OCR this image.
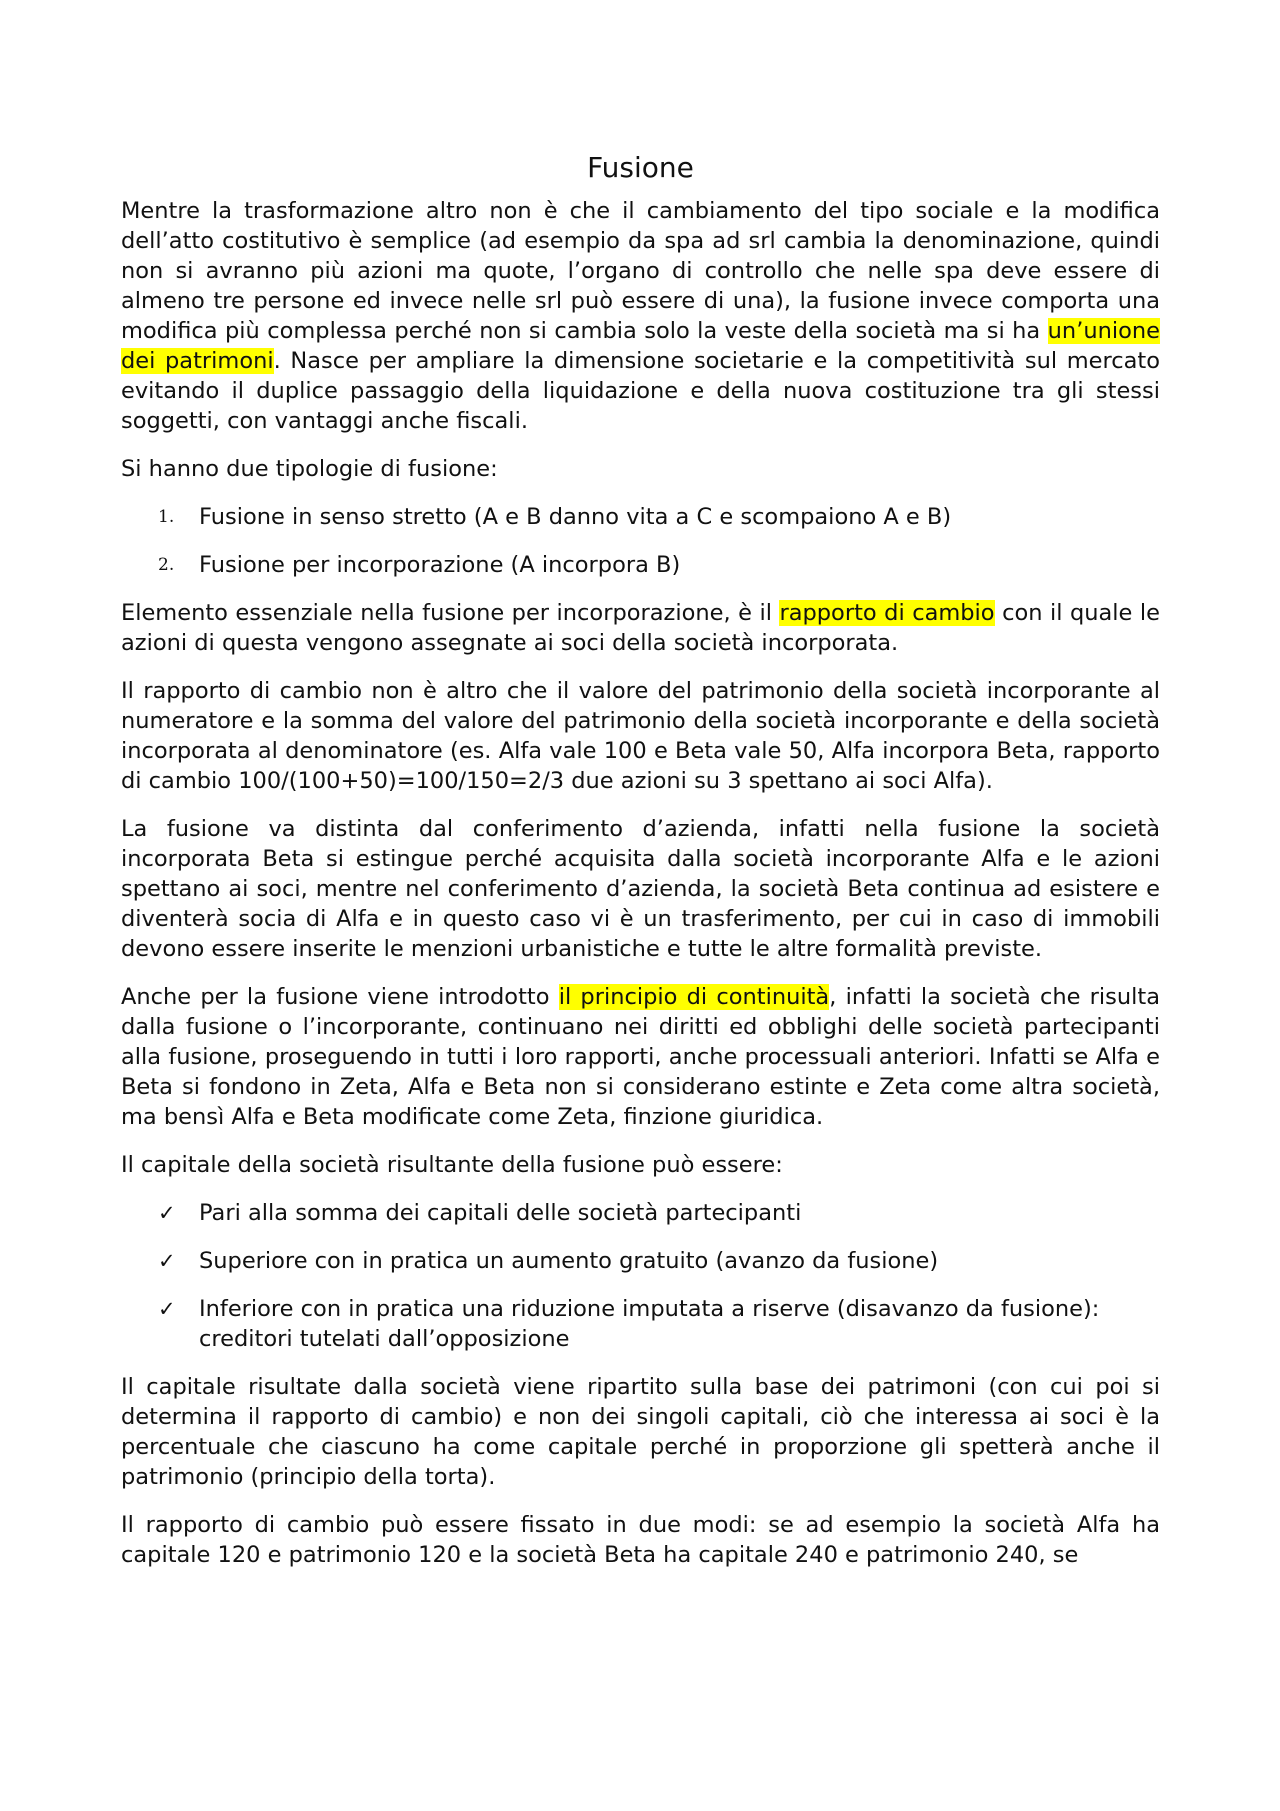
Fusione

Mentre la trasformazione altro non è che il cambiamento del tipo sociale e la modifica dell’atto costitutivo è semplice (ad esempio da spa ad srl cambia la denominazione, quindi non si avranno più azioni ma quote, l’organo di controllo che nelle spa deve essere di almeno tre persone ed invece nelle srl può essere di una), la fusione invece comporta una modifica più complessa perché non si cambia solo la veste della società ma si ha un’unione dei patrimoni. Nasce per ampliare la dimensione societarie e la competitività sul mercato evitando il duplice passaggio della liquidazione e della nuova costituzione tra gli stessi soggetti, con vantaggi anche fiscali.

Si hanno due tipologie di fusione:

1.	Fusione in senso stretto (A e B danno vita a C e scompaiono A e B)
2.	Fusione per incorporazione (A incorpora B)

Elemento essenziale nella fusione per incorporazione, è il rapporto di cambio con il quale le azioni di questa vengono assegnate ai soci della società incorporata.

Il rapporto di cambio non è altro che il valore del patrimonio della società incorporante al numeratore e la somma del valore del patrimonio della società incorporante e della società incorporata al denominatore (es. Alfa vale 100 e Beta vale 50, Alfa incorpora Beta, rapporto di cambio 100/(100+50)=100/150=2/3 due azioni su 3 spettano ai soci Alfa).

La fusione va distinta dal conferimento d’azienda, infatti nella fusione la società incorporata Beta si estingue perché acquisita dalla società incorporante Alfa e le azioni spettano ai soci, mentre nel conferimento d’azienda, la società Beta continua ad esistere e diventerà socia di Alfa e in questo caso vi è un trasferimento, per cui in caso di immobili devono essere inserite le menzioni urbanistiche e tutte le altre formalità previste.

Anche per la fusione viene introdotto il principio di continuità, infatti la società che risulta dalla fusione o l’incorporante, continuano nei diritti ed obblighi delle società partecipanti alla fusione, proseguendo in tutti i loro rapporti, anche processuali anteriori. Infatti se Alfa e Beta si fondono in Zeta, Alfa e Beta non si considerano estinte e Zeta come altra società, ma bensì Alfa e Beta modificate come Zeta, finzione giuridica.

Il capitale della società risultante della fusione può essere:

✓	Pari alla somma dei capitali delle società partecipanti
✓	Superiore con in pratica un aumento gratuito (avanzo da fusione)
✓	Inferiore con in pratica una riduzione imputata a riserve (disavanzo da fusione): creditori tutelati dall’opposizione

Il capitale risultate dalla società viene ripartito sulla base dei patrimoni (con cui poi si determina il rapporto di cambio) e non dei singoli capitali, ciò che interessa ai soci è la percentuale che ciascuno ha come capitale perché in proporzione gli spetterà anche il patrimonio (principio della torta).

Il rapporto di cambio può essere fissato in due modi: se ad esempio la società Alfa ha capitale 120 e patrimonio 120 e la società Beta ha capitale 240 e patrimonio 240, se
